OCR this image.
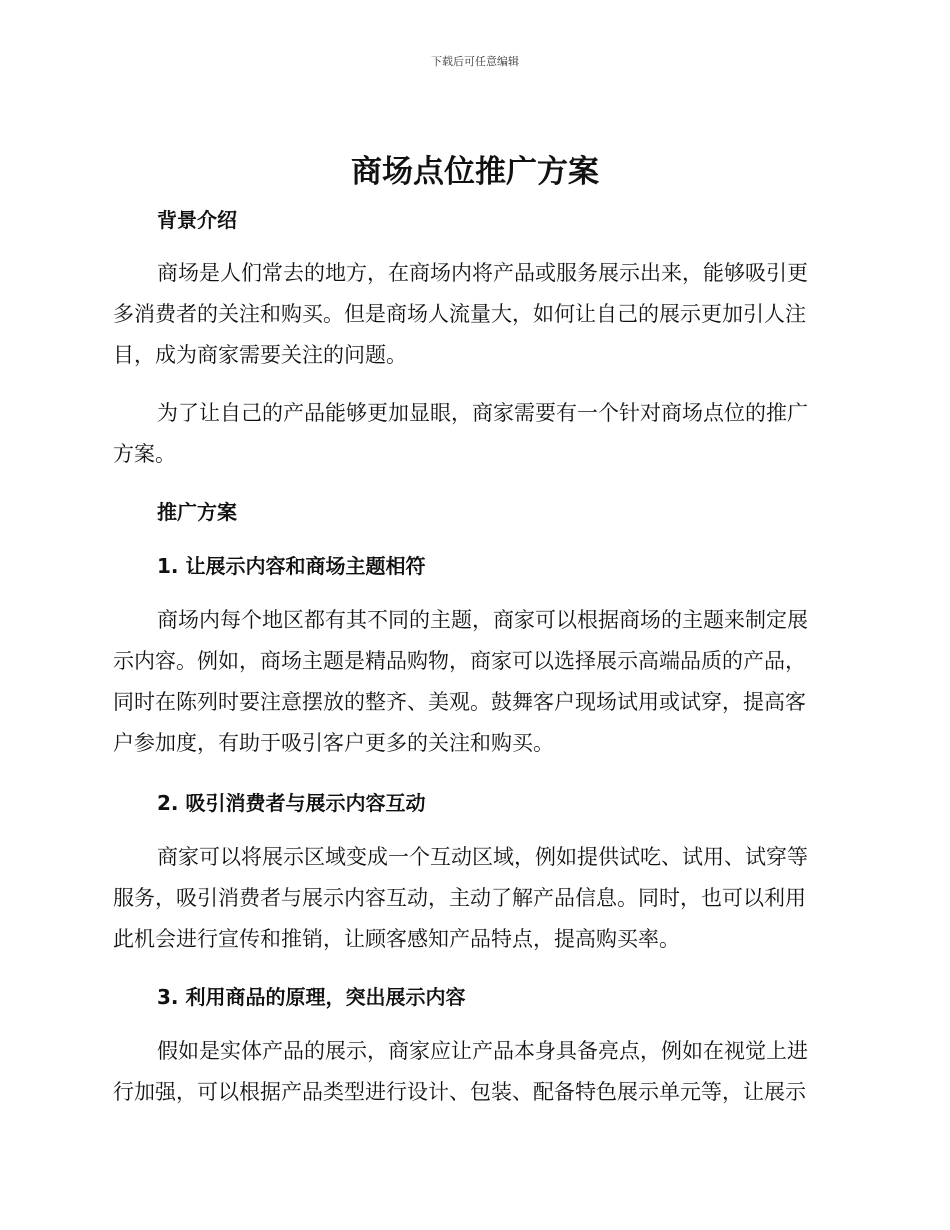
下载后可任意编辑
商场点位推广方案
背景介绍

商场是人们常去的地方，在商场内将产品或服务展示出来，能够吸引更
多消费者的关注和购买。但是商场人流量大，如何让自己的展示更加引人注
目，成为商家需要关注的问题。

为了让自己的产品能够更加显眼，商家需要有一个针对商场点位的推广
方案。

推广方案
1. 让展示内容和商场主题相符

商场内每个地区都有其不同的主题，商家可以根据商场的主题来制定展
示内容。例如，商场主题是精品购物，商家可以选择展示高端品质的产品，
同时在陈列时要注意摆放的整齐、美观。鼓舞客户现场试用或试穿，提高客
户参加度，有助于吸引客户更多的关注和购买。

2. 吸引消费者与展示内容互动

商家可以将展示区域变成一个互动区域，例如提供试吃、试用、试穿等
服务，吸引消费者与展示内容互动，主动了解产品信息。同时，也可以利用
此机会进行宣传和推销，让顾客感知产品特点，提高购买率。

3. 利用商品的原理，突出展示内容

假如是实体产品的展示，商家应让产品本身具备亮点，例如在视觉上进
行加强，可以根据产品类型进行设计、包装、配备特色展示单元等，让展示
